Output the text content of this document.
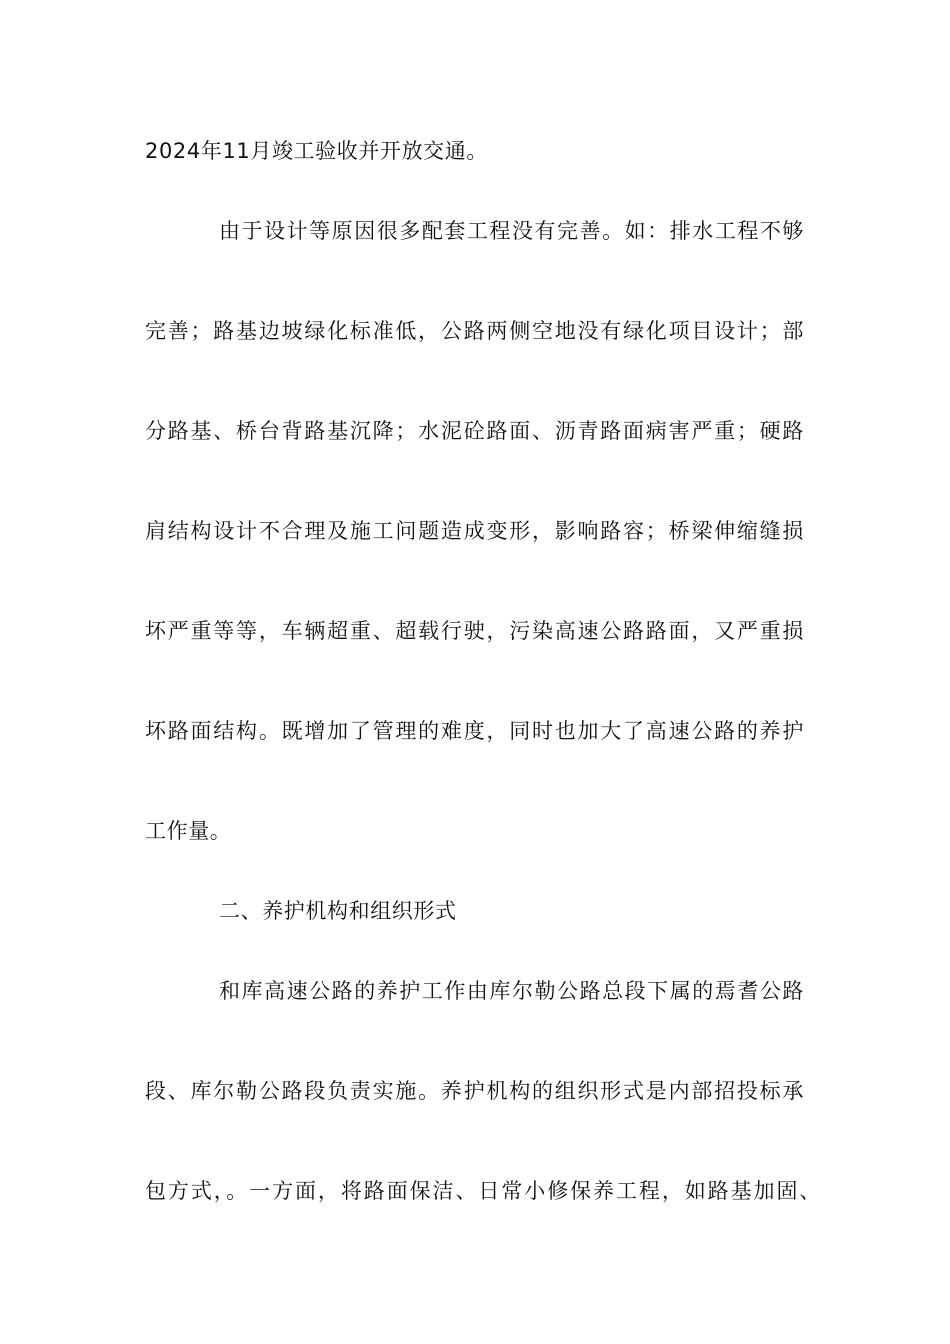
2024年11月竣工验收并开放交通。
由于设计等原因很多配套工程没有完善。如：排水工程不够
完善；路基边坡绿化标准低，公路两侧空地没有绿化项目设计；部
分路基、桥台背路基沉降；水泥砼路面、沥青路面病害严重；硬路
肩结构设计不合理及施工问题造成变形，影响路容；桥梁伸缩缝损
坏严重等等，车辆超重、超载行驶，污染高速公路路面，又严重损
坏路面结构。既增加了管理的难度，同时也加大了高速公路的养护
工作量。
二、养护机构和组织形式
和库高速公路的养护工作由库尔勒公路总段下属的焉耆公路
段、库尔勒公路段负责实施。养护机构的组织形式是内部招投标承
包方式，。一方面，将路面保洁、日常小修保养工程，如路基加固、
